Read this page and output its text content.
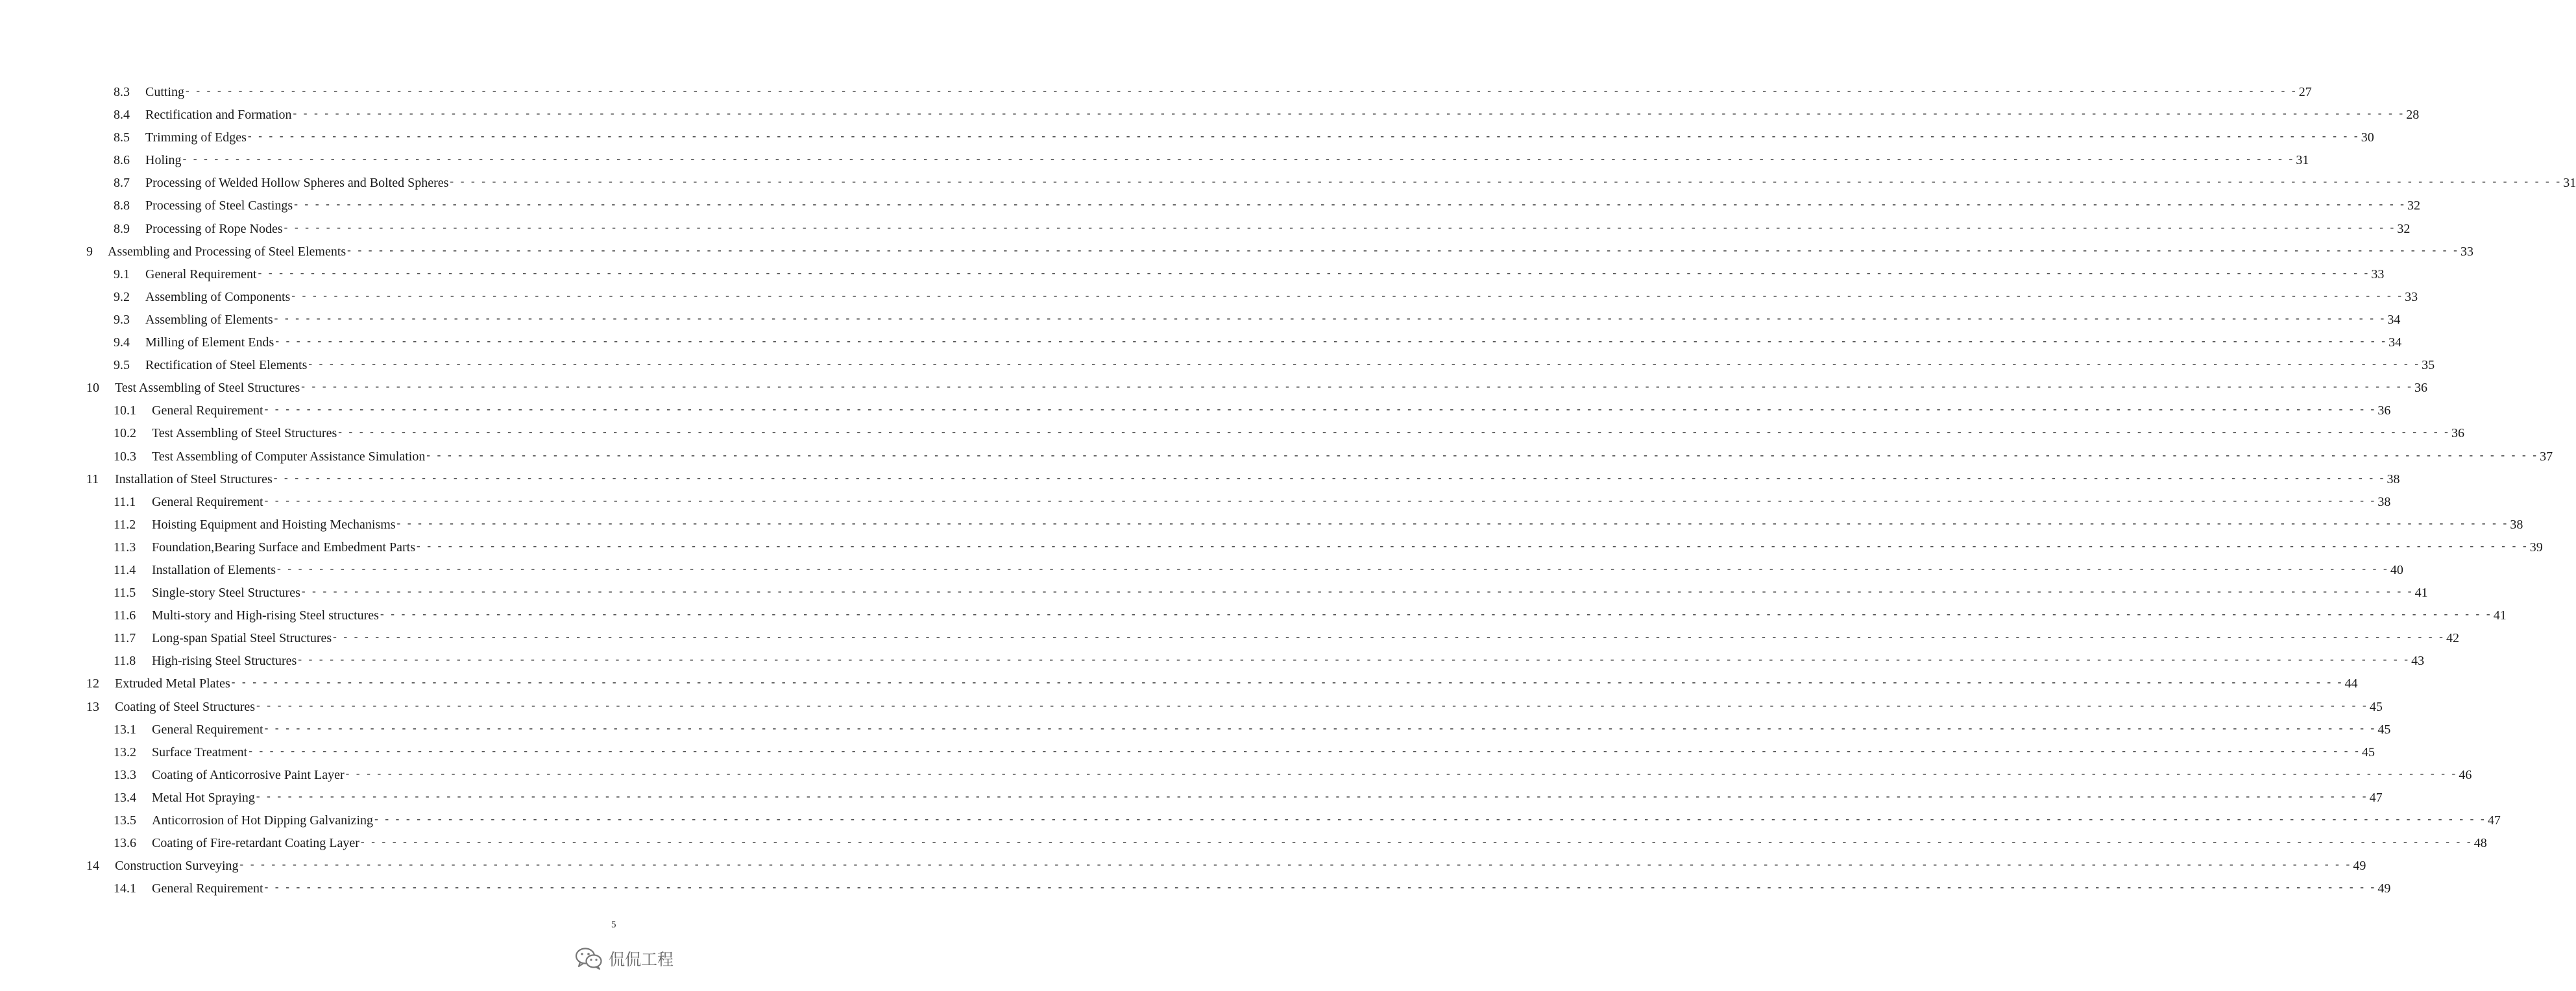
8.3 Cutting - - - - - - - - - - - - - - - - - - - - - - - - - - - - - - - - - - - - - - - - - - - - - - - - - - - - - - - - - - - - - - - - - - - - - - - - - - - - - - - - - - - - - - - - - - - - - - - - - - - - - - - - - - - - - - - - - - - - - - - - - - - - - - - - - - - - - - - - - - - - - - - - - - - - - - - - - - - - - - - - - - - - - - - - - - - - - - - - - - - - - - - - - - - - - - - - - - - - - - - - 27
8.4 Rectification and Formation - - - - - - - - - - - - - - - - - - - - - - - - - - - - - - - - - - - - - - - - - - - - - - - - - - - - - - - - - - - - - - - - - - - - - - - - - - - - - - - - - - - - - - - - - - - - - - - - - - - - - - - - - - - - - - - - - - - - - - - - - - - - - - - - - - - - - - - - - - - - - - - - - - - - - - - - - - - - - - - - - - - - - - - - - - - - - - - - - - - - - - - - - - - - - - - - - - - - - - - - 28
8.5 Trimming of Edges - - - - - - - - - - - - - - - - - - - - - - - - - - - - - - - - - - - - - - - - - - - - - - - - - - - - - - - - - - - - - - - - - - - - - - - - - - - - - - - - - - - - - - - - - - - - - - - - - - - - - - - - - - - - - - - - - - - - - - - - - - - - - - - - - - - - - - - - - - - - - - - - - - - - - - - - - - - - - - - - - - - - - - - - - - - - - - - - - - - - - - - - - - - - - - - - - - - - - - - - 30
8.6 Holing - - - - - - - - - - - - - - - - - - - - - - - - - - - - - - - - - - - - - - - - - - - - - - - - - - - - - - - - - - - - - - - - - - - - - - - - - - - - - - - - - - - - - - - - - - - - - - - - - - - - - - - - - - - - - - - - - - - - - - - - - - - - - - - - - - - - - - - - - - - - - - - - - - - - - - - - - - - - - - - - - - - - - - - - - - - - - - - - - - - - - - - - - - - - - - - - - - - - - - - - 31
8.7 Processing of Welded Hollow Spheres and Bolted Spheres - - - - - - - - - - - - - - - - - - - - - - - - - - - - - - - - - - - - - - - - - - - - - - - - - - - - - - - - - - - - - - - - - - - - - - - - - - - - - - - - - - - - - - - - - - - - - - - - - - - - - - - - - - - - - - - - - - - - - - - - - - - - - - - - - - - - - - - - - - - - - - - - - - - - - - - - - - - - - - - - - - - - - - - - - - - - - - - - - - - - - - - - - - - - - - - - - - - - - - - - 31
8.8 Processing of Steel Castings - - - - - - - - - - - - - - - - - - - - - - - - - - - - - - - - - - - - - - - - - - - - - - - - - - - - - - - - - - - - - - - - - - - - - - - - - - - - - - - - - - - - - - - - - - - - - - - - - - - - - - - - - - - - - - - - - - - - - - - - - - - - - - - - - - - - - - - - - - - - - - - - - - - - - - - - - - - - - - - - - - - - - - - - - - - - - - - - - - - - - - - - - - - - - - - - - - - - - - - - 32
8.9 Processing of Rope Nodes - - - - - - - - - - - - - - - - - - - - - - - - - - - - - - - - - - - - - - - - - - - - - - - - - - - - - - - - - - - - - - - - - - - - - - - - - - - - - - - - - - - - - - - - - - - - - - - - - - - - - - - - - - - - - - - - - - - - - - - - - - - - - - - - - - - - - - - - - - - - - - - - - - - - - - - - - - - - - - - - - - - - - - - - - - - - - - - - - - - - - - - - - - - - - - - - - - - - - - - - 32
9 Assembling and Processing of Steel Elements - - - - - - - - - - - - - - - - - - - - - - - - - - - - - - - - - - - - - - - - - - - - - - - - - - - - - - - - - - - - - - - - - - - - - - - - - - - - - - - - - - - - - - - - - - - - - - - - - - - - - - - - - - - - - - - - - - - - - - - - - - - - - - - - - - - - - - - - - - - - - - - - - - - - - - - - - - - - - - - - - - - - - - - - - - - - - - - - - - - - - - - - - - - - - - - - - - - - - - - - 33
9.1 General Requirement - - - - - - - - - - - - - - - - - - - - - - - - - - - - - - - - - - - - - - - - - - - - - - - - - - - - - - - - - - - - - - - - - - - - - - - - - - - - - - - - - - - - - - - - - - - - - - - - - - - - - - - - - - - - - - - - - - - - - - - - - - - - - - - - - - - - - - - - - - - - - - - - - - - - - - - - - - - - - - - - - - - - - - - - - - - - - - - - - - - - - - - - - - - - - - - - - - - - - - - - 33
9.2 Assembling of Components - - - - - - - - - - - - - - - - - - - - - - - - - - - - - - - - - - - - - - - - - - - - - - - - - - - - - - - - - - - - - - - - - - - - - - - - - - - - - - - - - - - - - - - - - - - - - - - - - - - - - - - - - - - - - - - - - - - - - - - - - - - - - - - - - - - - - - - - - - - - - - - - - - - - - - - - - - - - - - - - - - - - - - - - - - - - - - - - - - - - - - - - - - - - - - - - - - - - - - - - 33
9.3 Assembling of Elements - - - - - - - - - - - - - - - - - - - - - - - - - - - - - - - - - - - - - - - - - - - - - - - - - - - - - - - - - - - - - - - - - - - - - - - - - - - - - - - - - - - - - - - - - - - - - - - - - - - - - - - - - - - - - - - - - - - - - - - - - - - - - - - - - - - - - - - - - - - - - - - - - - - - - - - - - - - - - - - - - - - - - - - - - - - - - - - - - - - - - - - - - - - - - - - - - - - - - - - - 34
9.4 Milling of Element Ends - - - - - - - - - - - - - - - - - - - - - - - - - - - - - - - - - - - - - - - - - - - - - - - - - - - - - - - - - - - - - - - - - - - - - - - - - - - - - - - - - - - - - - - - - - - - - - - - - - - - - - - - - - - - - - - - - - - - - - - - - - - - - - - - - - - - - - - - - - - - - - - - - - - - - - - - - - - - - - - - - - - - - - - - - - - - - - - - - - - - - - - - - - - - - - - - - - - - - - - - 34
9.5 Rectification of Steel Elements - - - - - - - - - - - - - - - - - - - - - - - - - - - - - - - - - - - - - - - - - - - - - - - - - - - - - - - - - - - - - - - - - - - - - - - - - - - - - - - - - - - - - - - - - - - - - - - - - - - - - - - - - - - - - - - - - - - - - - - - - - - - - - - - - - - - - - - - - - - - - - - - - - - - - - - - - - - - - - - - - - - - - - - - - - - - - - - - - - - - - - - - - - - - - - - - - - - - - - - - 35
10 Test Assembling of Steel Structures - - - - - - - - - - - - - - - - - - - - - - - - - - - - - - - - - - - - - - - - - - - - - - - - - - - - - - - - - - - - - - - - - - - - - - - - - - - - - - - - - - - - - - - - - - - - - - - - - - - - - - - - - - - - - - - - - - - - - - - - - - - - - - - - - - - - - - - - - - - - - - - - - - - - - - - - - - - - - - - - - - - - - - - - - - - - - - - - - - - - - - - - - - - - - - - - - - - - - - - - 36
10.1 General Requirement - - - - - - - - - - - - - - - - - - - - - - - - - - - - - - - - - - - - - - - - - - - - - - - - - - - - - - - - - - - - - - - - - - - - - - - - - - - - - - - - - - - - - - - - - - - - - - - - - - - - - - - - - - - - - - - - - - - - - - - - - - - - - - - - - - - - - - - - - - - - - - - - - - - - - - - - - - - - - - - - - - - - - - - - - - - - - - - - - - - - - - - - - - - - - - - - - - - - - - - - 36
10.2 Test Assembling of Steel Structures - - - - - - - - - - - - - - - - - - - - - - - - - - - - - - - - - - - - - - - - - - - - - - - - - - - - - - - - - - - - - - - - - - - - - - - - - - - - - - - - - - - - - - - - - - - - - - - - - - - - - - - - - - - - - - - - - - - - - - - - - - - - - - - - - - - - - - - - - - - - - - - - - - - - - - - - - - - - - - - - - - - - - - - - - - - - - - - - - - - - - - - - - - - - - - - - - - - - - - - - 36
10.3 Test Assembling of Computer Assistance Simulation - - - - - - - - - - - - - - - - - - - - - - - - - - - - - - - - - - - - - - - - - - - - - - - - - - - - - - - - - - - - - - - - - - - - - - - - - - - - - - - - - - - - - - - - - - - - - - - - - - - - - - - - - - - - - - - - - - - - - - - - - - - - - - - - - - - - - - - - - - - - - - - - - - - - - - - - - - - - - - - - - - - - - - - - - - - - - - - - - - - - - - - - - - - - - - - - - - - - - - - - 37
11 Installation of Steel Structures - - - - - - - - - - - - - - - - - - - - - - - - - - - - - - - - - - - - - - - - - - - - - - - - - - - - - - - - - - - - - - - - - - - - - - - - - - - - - - - - - - - - - - - - - - - - - - - - - - - - - - - - - - - - - - - - - - - - - - - - - - - - - - - - - - - - - - - - - - - - - - - - - - - - - - - - - - - - - - - - - - - - - - - - - - - - - - - - - - - - - - - - - - - - - - - - - - - - - - - - 38
11.1 General Requirement - - - - - - - - - - - - - - - - - - - - - - - - - - - - - - - - - - - - - - - - - - - - - - - - - - - - - - - - - - - - - - - - - - - - - - - - - - - - - - - - - - - - - - - - - - - - - - - - - - - - - - - - - - - - - - - - - - - - - - - - - - - - - - - - - - - - - - - - - - - - - - - - - - - - - - - - - - - - - - - - - - - - - - - - - - - - - - - - - - - - - - - - - - - - - - - - - - - - - - - - 38
11.2 Hoisting Equipment and Hoisting Mechanisms - - - - - - - - - - - - - - - - - - - - - - - - - - - - - - - - - - - - - - - - - - - - - - - - - - - - - - - - - - - - - - - - - - - - - - - - - - - - - - - - - - - - - - - - - - - - - - - - - - - - - - - - - - - - - - - - - - - - - - - - - - - - - - - - - - - - - - - - - - - - - - - - - - - - - - - - - - - - - - - - - - - - - - - - - - - - - - - - - - - - - - - - - - - - - - - - - - - - - - - - 38
11.3 Foundation,Bearing Surface and Embedment Parts - - - - - - - - - - - - - - - - - - - - - - - - - - - - - - - - - - - - - - - - - - - - - - - - - - - - - - - - - - - - - - - - - - - - - - - - - - - - - - - - - - - - - - - - - - - - - - - - - - - - - - - - - - - - - - - - - - - - - - - - - - - - - - - - - - - - - - - - - - - - - - - - - - - - - - - - - - - - - - - - - - - - - - - - - - - - - - - - - - - - - - - - - - - - - - - - - - - - - - - - 39
11.4 Installation of Elements - - - - - - - - - - - - - - - - - - - - - - - - - - - - - - - - - - - - - - - - - - - - - - - - - - - - - - - - - - - - - - - - - - - - - - - - - - - - - - - - - - - - - - - - - - - - - - - - - - - - - - - - - - - - - - - - - - - - - - - - - - - - - - - - - - - - - - - - - - - - - - - - - - - - - - - - - - - - - - - - - - - - - - - - - - - - - - - - - - - - - - - - - - - - - - - - - - - - - - - - 40
11.5 Single-story Steel Structures - - - - - - - - - - - - - - - - - - - - - - - - - - - - - - - - - - - - - - - - - - - - - - - - - - - - - - - - - - - - - - - - - - - - - - - - - - - - - - - - - - - - - - - - - - - - - - - - - - - - - - - - - - - - - - - - - - - - - - - - - - - - - - - - - - - - - - - - - - - - - - - - - - - - - - - - - - - - - - - - - - - - - - - - - - - - - - - - - - - - - - - - - - - - - - - - - - - - - - - - 41
11.6 Multi-story and High-rising Steel structures - - - - - - - - - - - - - - - - - - - - - - - - - - - - - - - - - - - - - - - - - - - - - - - - - - - - - - - - - - - - - - - - - - - - - - - - - - - - - - - - - - - - - - - - - - - - - - - - - - - - - - - - - - - - - - - - - - - - - - - - - - - - - - - - - - - - - - - - - - - - - - - - - - - - - - - - - - - - - - - - - - - - - - - - - - - - - - - - - - - - - - - - - - - - - - - - - - - - - - - - 41
11.7 Long-span Spatial Steel Structures - - - - - - - - - - - - - - - - - - - - - - - - - - - - - - - - - - - - - - - - - - - - - - - - - - - - - - - - - - - - - - - - - - - - - - - - - - - - - - - - - - - - - - - - - - - - - - - - - - - - - - - - - - - - - - - - - - - - - - - - - - - - - - - - - - - - - - - - - - - - - - - - - - - - - - - - - - - - - - - - - - - - - - - - - - - - - - - - - - - - - - - - - - - - - - - - - - - - - - - - 42
11.8 High-rising Steel Structures - - - - - - - - - - - - - - - - - - - - - - - - - - - - - - - - - - - - - - - - - - - - - - - - - - - - - - - - - - - - - - - - - - - - - - - - - - - - - - - - - - - - - - - - - - - - - - - - - - - - - - - - - - - - - - - - - - - - - - - - - - - - - - - - - - - - - - - - - - - - - - - - - - - - - - - - - - - - - - - - - - - - - - - - - - - - - - - - - - - - - - - - - - - - - - - - - - - - - - - - 43
12 Extruded Metal Plates - - - - - - - - - - - - - - - - - - - - - - - - - - - - - - - - - - - - - - - - - - - - - - - - - - - - - - - - - - - - - - - - - - - - - - - - - - - - - - - - - - - - - - - - - - - - - - - - - - - - - - - - - - - - - - - - - - - - - - - - - - - - - - - - - - - - - - - - - - - - - - - - - - - - - - - - - - - - - - - - - - - - - - - - - - - - - - - - - - - - - - - - - - - - - - - - - - - - - - - - 44
13 Coating of Steel Structures - - - - - - - - - - - - - - - - - - - - - - - - - - - - - - - - - - - - - - - - - - - - - - - - - - - - - - - - - - - - - - - - - - - - - - - - - - - - - - - - - - - - - - - - - - - - - - - - - - - - - - - - - - - - - - - - - - - - - - - - - - - - - - - - - - - - - - - - - - - - - - - - - - - - - - - - - - - - - - - - - - - - - - - - - - - - - - - - - - - - - - - - - - - - - - - - - - - - - - - - 45
13.1 General Requirement - - - - - - - - - - - - - - - - - - - - - - - - - - - - - - - - - - - - - - - - - - - - - - - - - - - - - - - - - - - - - - - - - - - - - - - - - - - - - - - - - - - - - - - - - - - - - - - - - - - - - - - - - - - - - - - - - - - - - - - - - - - - - - - - - - - - - - - - - - - - - - - - - - - - - - - - - - - - - - - - - - - - - - - - - - - - - - - - - - - - - - - - - - - - - - - - - - - - - - - - 45
13.2 Surface Treatment - - - - - - - - - - - - - - - - - - - - - - - - - - - - - - - - - - - - - - - - - - - - - - - - - - - - - - - - - - - - - - - - - - - - - - - - - - - - - - - - - - - - - - - - - - - - - - - - - - - - - - - - - - - - - - - - - - - - - - - - - - - - - - - - - - - - - - - - - - - - - - - - - - - - - - - - - - - - - - - - - - - - - - - - - - - - - - - - - - - - - - - - - - - - - - - - - - - - - - - - 45
13.3 Coating of Anticorrosive Paint Layer - - - - - - - - - - - - - - - - - - - - - - - - - - - - - - - - - - - - - - - - - - - - - - - - - - - - - - - - - - - - - - - - - - - - - - - - - - - - - - - - - - - - - - - - - - - - - - - - - - - - - - - - - - - - - - - - - - - - - - - - - - - - - - - - - - - - - - - - - - - - - - - - - - - - - - - - - - - - - - - - - - - - - - - - - - - - - - - - - - - - - - - - - - - - - - - - - - - - - - - - 46
13.4 Metal Hot Spraying - - - - - - - - - - - - - - - - - - - - - - - - - - - - - - - - - - - - - - - - - - - - - - - - - - - - - - - - - - - - - - - - - - - - - - - - - - - - - - - - - - - - - - - - - - - - - - - - - - - - - - - - - - - - - - - - - - - - - - - - - - - - - - - - - - - - - - - - - - - - - - - - - - - - - - - - - - - - - - - - - - - - - - - - - - - - - - - - - - - - - - - - - - - - - - - - - - - - - - - - 47
13.5 Anticorrosion of Hot Dipping Galvanizing - - - - - - - - - - - - - - - - - - - - - - - - - - - - - - - - - - - - - - - - - - - - - - - - - - - - - - - - - - - - - - - - - - - - - - - - - - - - - - - - - - - - - - - - - - - - - - - - - - - - - - - - - - - - - - - - - - - - - - - - - - - - - - - - - - - - - - - - - - - - - - - - - - - - - - - - - - - - - - - - - - - - - - - - - - - - - - - - - - - - - - - - - - - - - - - - - - - - - - - - 47
13.6 Coating of Fire-retardant Coating Layer - - - - - - - - - - - - - - - - - - - - - - - - - - - - - - - - - - - - - - - - - - - - - - - - - - - - - - - - - - - - - - - - - - - - - - - - - - - - - - - - - - - - - - - - - - - - - - - - - - - - - - - - - - - - - - - - - - - - - - - - - - - - - - - - - - - - - - - - - - - - - - - - - - - - - - - - - - - - - - - - - - - - - - - - - - - - - - - - - - - - - - - - - - - - - - - - - - - - - - - - 48
14 Construction Surveying - - - - - - - - - - - - - - - - - - - - - - - - - - - - - - - - - - - - - - - - - - - - - - - - - - - - - - - - - - - - - - - - - - - - - - - - - - - - - - - - - - - - - - - - - - - - - - - - - - - - - - - - - - - - - - - - - - - - - - - - - - - - - - - - - - - - - - - - - - - - - - - - - - - - - - - - - - - - - - - - - - - - - - - - - - - - - - - - - - - - - - - - - - - - - - - - - - - - - - - - 49
14.1 General Requirement - - - - - - - - - - - - - - - - - - - - - - - - - - - - - - - - - - - - - - - - - - - - - - - - - - - - - - - - - - - - - - - - - - - - - - - - - - - - - - - - - - - - - - - - - - - - - - - - - - - - - - - - - - - - - - - - - - - - - - - - - - - - - - - - - - - - - - - - - - - - - - - - - - - - - - - - - - - - - - - - - - - - - - - - - - - - - - - - - - - - - - - - - - - - - - - - - - - - - - - - 49
5
侃侃工程
